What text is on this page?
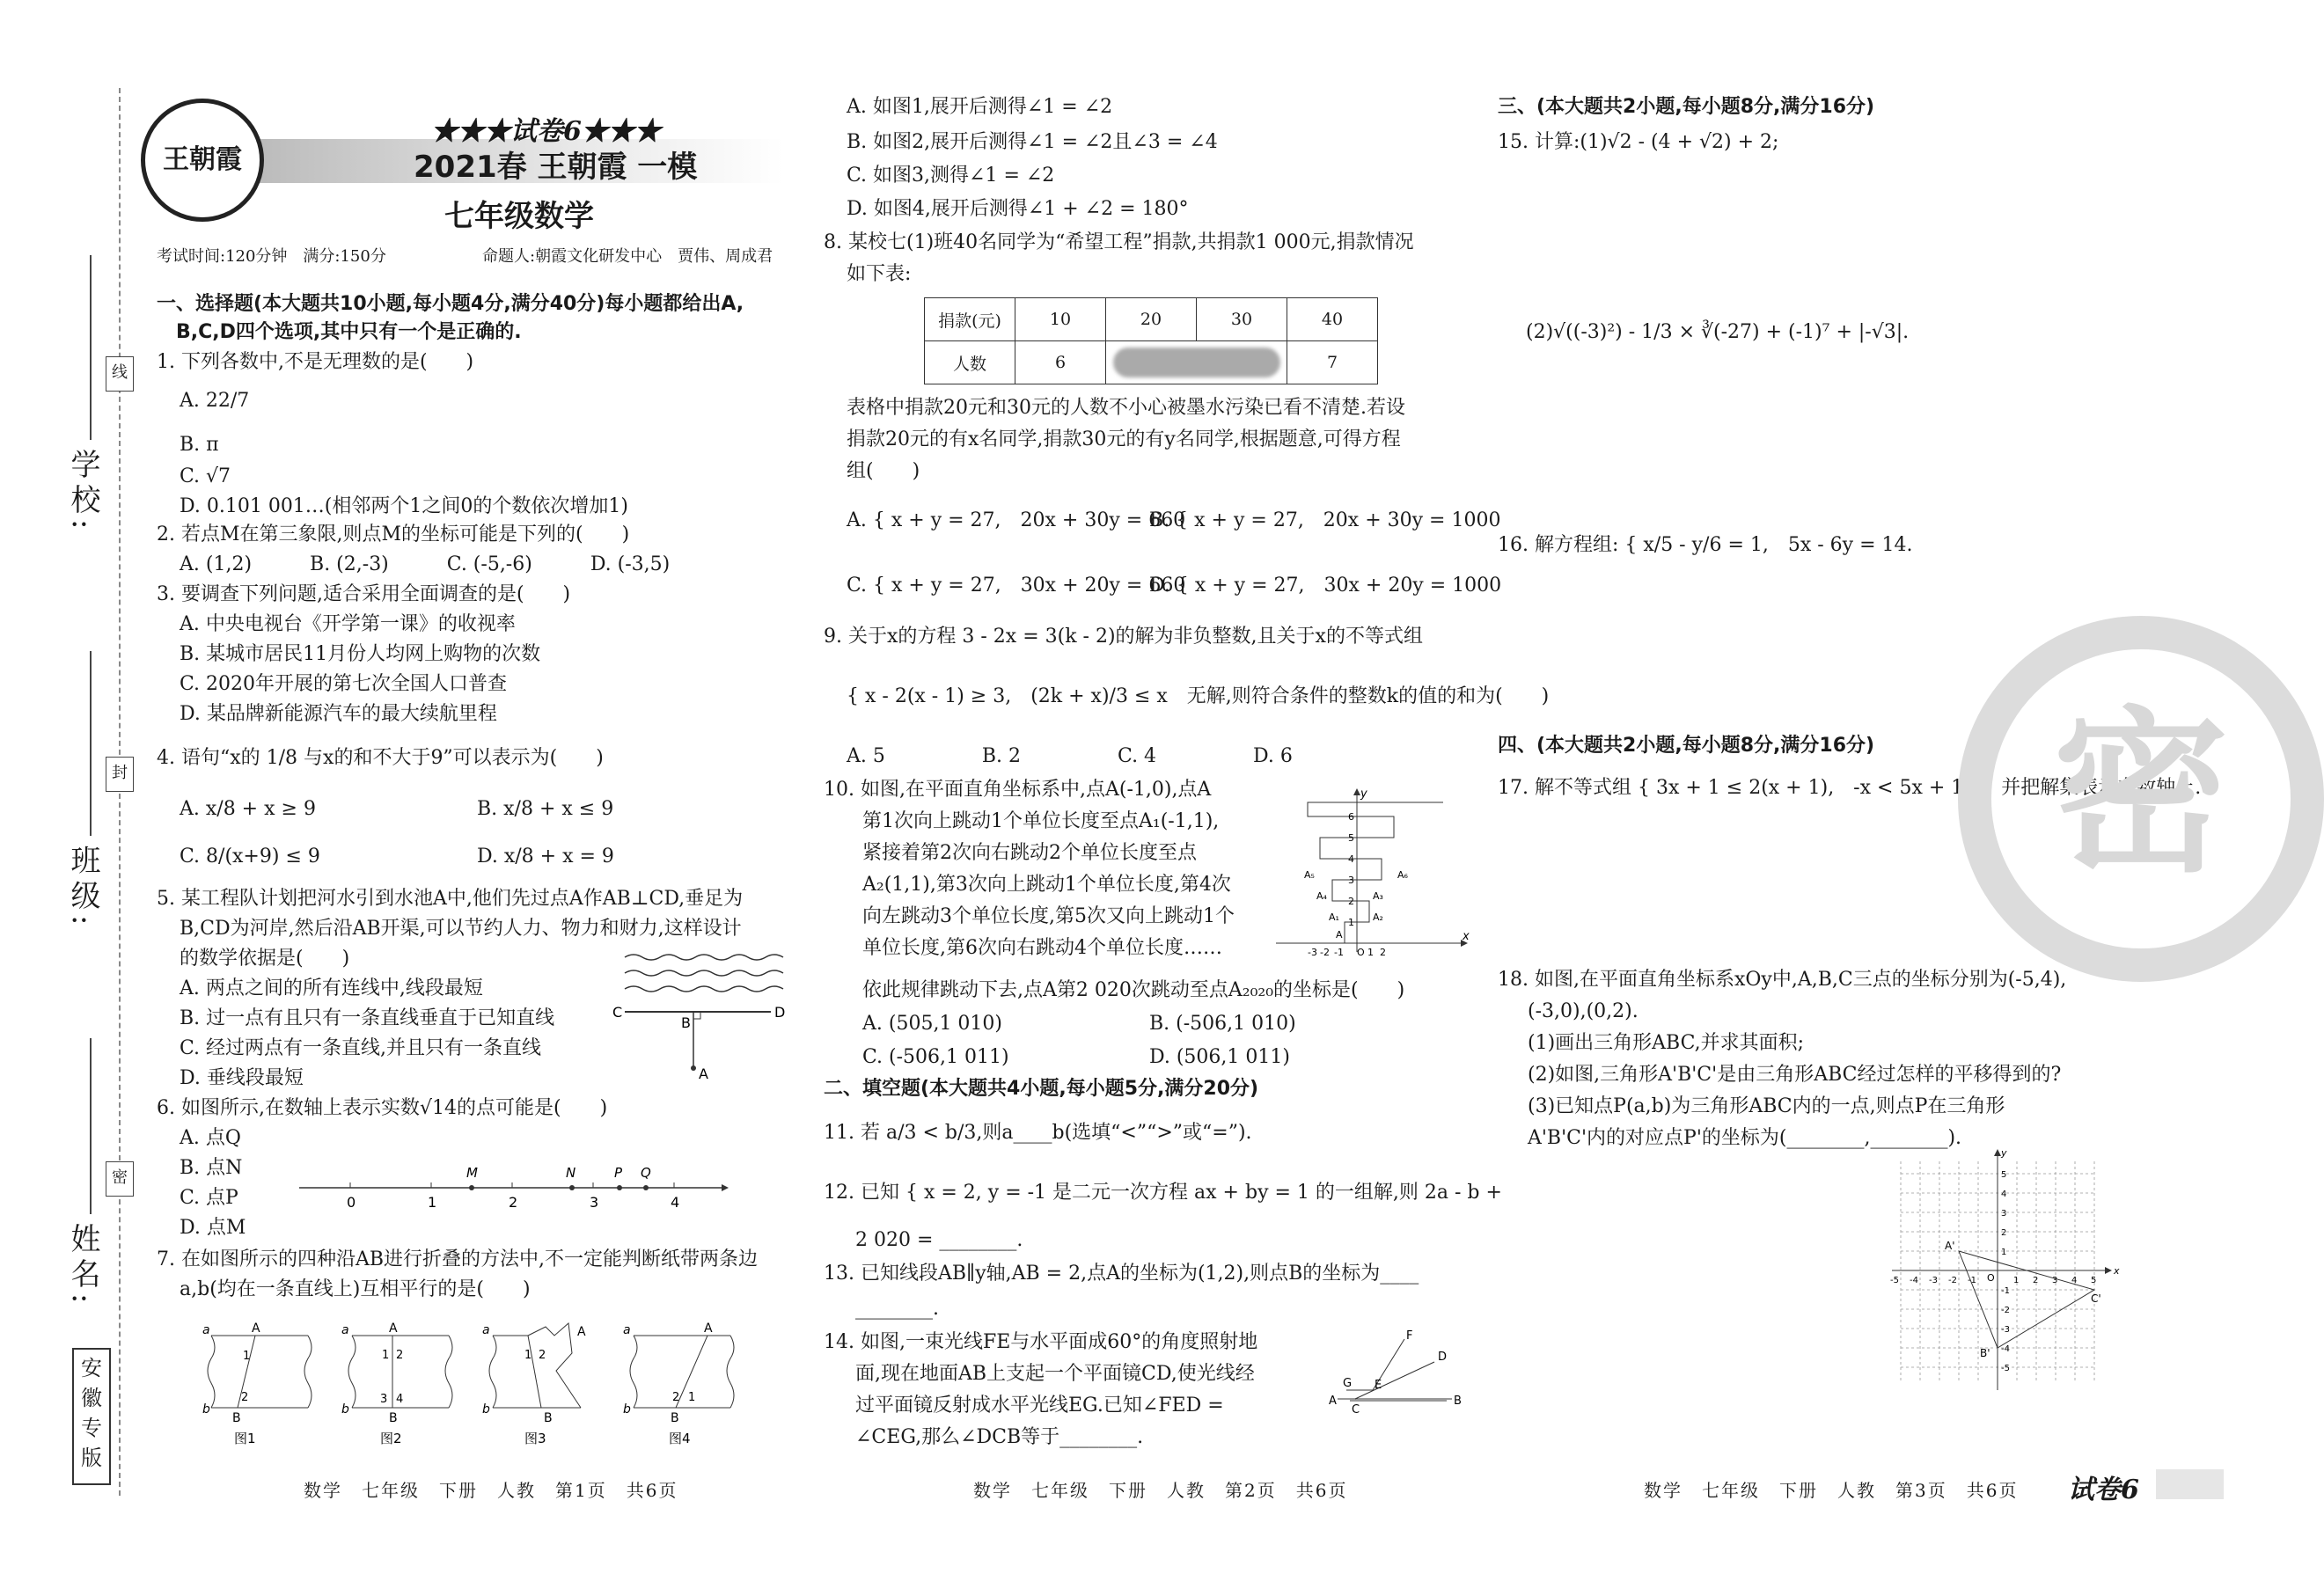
学校:
班级:
姓名:
线
封
密
安徽专版
王朝霞
★★★试卷6★★★
2021春 王朝霞 一模
七年级数学
考试时间:120分钟　满分:150分	命题人:朝霞文化研发中心　贾伟、周成君
一、选择题(本大题共10小题,每小题4分,满分40分)每小题都给出A,
B,C,D四个选项,其中只有一个是正确的.
1. 下列各数中,不是无理数的是(　　)
A. 22/7
B. π
C. √7
D. 0.101 001…(相邻两个1之间0的个数依次增加1)
2. 若点M在第三象限,则点M的坐标可能是下列的(　　)
A. (1,2)　　　B. (2,-3)　　　C. (-5,-6)　　　D. (-3,5)
3. 要调查下列问题,适合采用全面调查的是(　　)
A. 中央电视台《开学第一课》的收视率
B. 某城市居民11月份人均网上购物的次数
C. 2020年开展的第七次全国人口普查
D. 某品牌新能源汽车的最大续航里程
4. 语句“x的 1/8 与x的和不大于9”可以表示为(　　)
A. x/8 + x ≥ 9	B. x/8 + x ≤ 9
C. 8/(x+9) ≤ 9	D. x/8 + x = 9
5. 某工程队计划把河水引到水池A中,他们先过点A作AB⊥CD,垂足为
B,CD为河岸,然后沿AB开渠,可以节约人力、物力和财力,这样设计
的数学依据是(　　)
A. 两点之间的所有连线中,线段最短
B. 过一点有且只有一条直线垂直于已知直线
C. 经过两点有一条直线,并且只有一条直线
D. 垂线段最短
C	D
B
A
6. 如图所示,在数轴上表示实数√14的点可能是(　　)
A. 点Q
B. 点N
C. 点P
D. 点M
0	1	2	3	4
M	N	P Q
7. 在如图所示的四种沿AB进行折叠的方法中,不一定能判断纸带两条边
a,b(均在一条直线上)互相平行的是(　　)
a	A
b
B
1
2
图1
a	A
b
B
1 2
3 4
图2
a	A
b
B
1 2
图3
a	A
b
B
1
2
图4
数学　七年级　下册　人教　第1页　共6页
A. 如图1,展开后测得∠1 = ∠2
B. 如图2,展开后测得∠1 = ∠2且∠3 = ∠4
C. 如图3,测得∠1 = ∠2
D. 如图4,展开后测得∠1 + ∠2 = 180°
8. 某校七(1)班40名同学为“希望工程”捐款,共捐款1 000元,捐款情况
如下表:
捐款(元)	10	20	30	40
人数	6			7
表格中捐款20元和30元的人数不小心被墨水污染已看不清楚.若设
捐款20元的有x名同学,捐款30元的有y名同学,根据题意,可得方程
组(　　)
A. { x + y = 27,　20x + 30y = 660
B. { x + y = 27,　20x + 30y = 1000
C. { x + y = 27,　30x + 20y = 660
D. { x + y = 27,　30x + 20y = 1000
9. 关于x的方程 3 - 2x = 3(k - 2)的解为非负整数,且关于x的不等式组
{ x - 2(x - 1) ≥ 3,　(2k + x)/3 ≤ x　无解,则符合条件的整数k的值的和为(　　)
A. 5　　　　　B. 2　　　　　C. 4　　　　　D. 6
10. 如图,在平面直角坐标系中,点A(-1,0),点A
第1次向上跳动1个单位长度至点A₁(-1,1),
紧接着第2次向右跳动2个单位长度至点
A₂(1,1),第3次向上跳动1个单位长度,第4次
向左跳动3个单位长度,第5次又向上跳动1个
单位长度,第6次向右跳动4个单位长度……
依此规律跳动下去,点A第2 020次跳动至点A₂₀₂₀的坐标是(　　)
A. (505,1 010)	B. (-506,1 010)
C. (-506,1 011)	D. (506,1 011)
x
y
-1
-2
-3	O 1 2
1
2
3
4
5
6
A
A₁	A₂
A₃
A₄
A₅	A₆
二、填空题(本大题共4小题,每小题5分,满分20分)
11. 若 a/3 < b/3,则a____b(选填“<”“>”或“=”).
12. 已知 { x = 2, y = -1 是二元一次方程 ax + by = 1 的一组解,则 2a - b +
2 020 = ________.
13. 已知线段AB∥y轴,AB = 2,点A的坐标为(1,2),则点B的坐标为____
________.
14. 如图,一束光线FE与水平面成60°的角度照射地
面,现在地面AB上支起一个平面镜CD,使光线经
过平面镜反射成水平光线EG.已知∠FED =
∠CEG,那么∠DCB等于________.
A	B
C
D
E
F
G
数学　七年级　下册　人教　第2页　共6页
三、(本大题共2小题,每小题8分,满分16分)
15. 计算:(1)√2 - (4 + √2) + 2;
(2)√((-3)²) - 1/3 × ∛(-27) + (-1)⁷ + |-√3|.
16. 解方程组: { x/5 - y/6 = 1,　5x - 6y = 14.
四、(本大题共2小题,每小题8分,满分16分)
17. 解不等式组 { 3x + 1 ≤ 2(x + 1),　-x < 5x + 12,　并把解集表示在数轴上.
18. 如图,在平面直角坐标系xOy中,A,B,C三点的坐标分别为(-5,4),
(-3,0),(0,2).
(1)画出三角形ABC,并求其面积;
(2)如图,三角形A'B'C'是由三角形ABC经过怎样的平移得到的?
(3)已知点P(a,b)为三角形ABC内的一点,则点P在三角形
A'B'C'内的对应点P'的坐标为(________,________).
x
y
O
A'
B'
C'
-5 -4 -3 -2 -1	1 2 3 4 5
5
4
3
2
1
-1
-2
-3
-4
-5
密
数学　七年级　下册　人教　第3页　共6页 试卷6
